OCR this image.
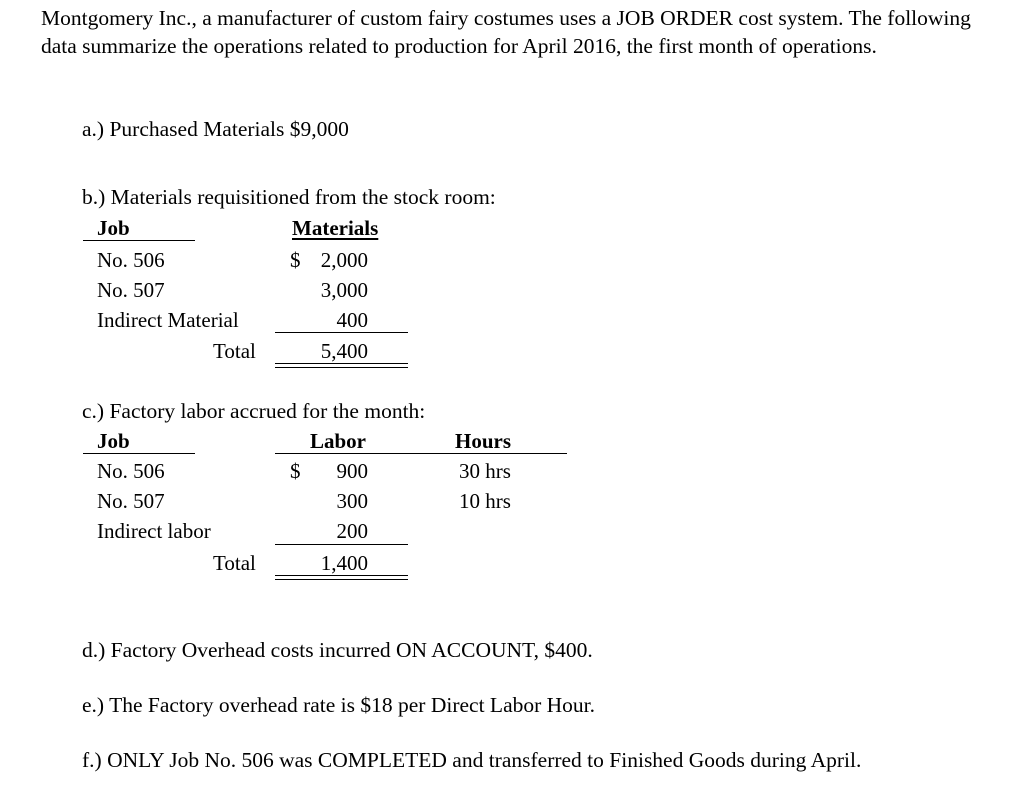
Montgomery Inc., a manufacturer of custom fairy costumes uses a JOB ORDER cost system. The following data summarize the operations related to production for April 2016, the first month of operations.
a.) Purchased Materials $9,000
b.) Materials requisitioned from the stock room:
Job	Materials
No. 506	$ 2,000
No. 507	3,000
Indirect Material	400
Total	5,400
c.) Factory labor accrued for the month:
Job	Labor	Hours
No. 506	$	900	30 hrs
No. 507	300	10 hrs
Indirect labor	200
Total	1,400
d.) Factory Overhead costs incurred ON ACCOUNT, $400.
e.) The Factory overhead rate is $18 per Direct Labor Hour.
f.) ONLY Job No. 506 was COMPLETED and transferred to Finished Goods during April.
